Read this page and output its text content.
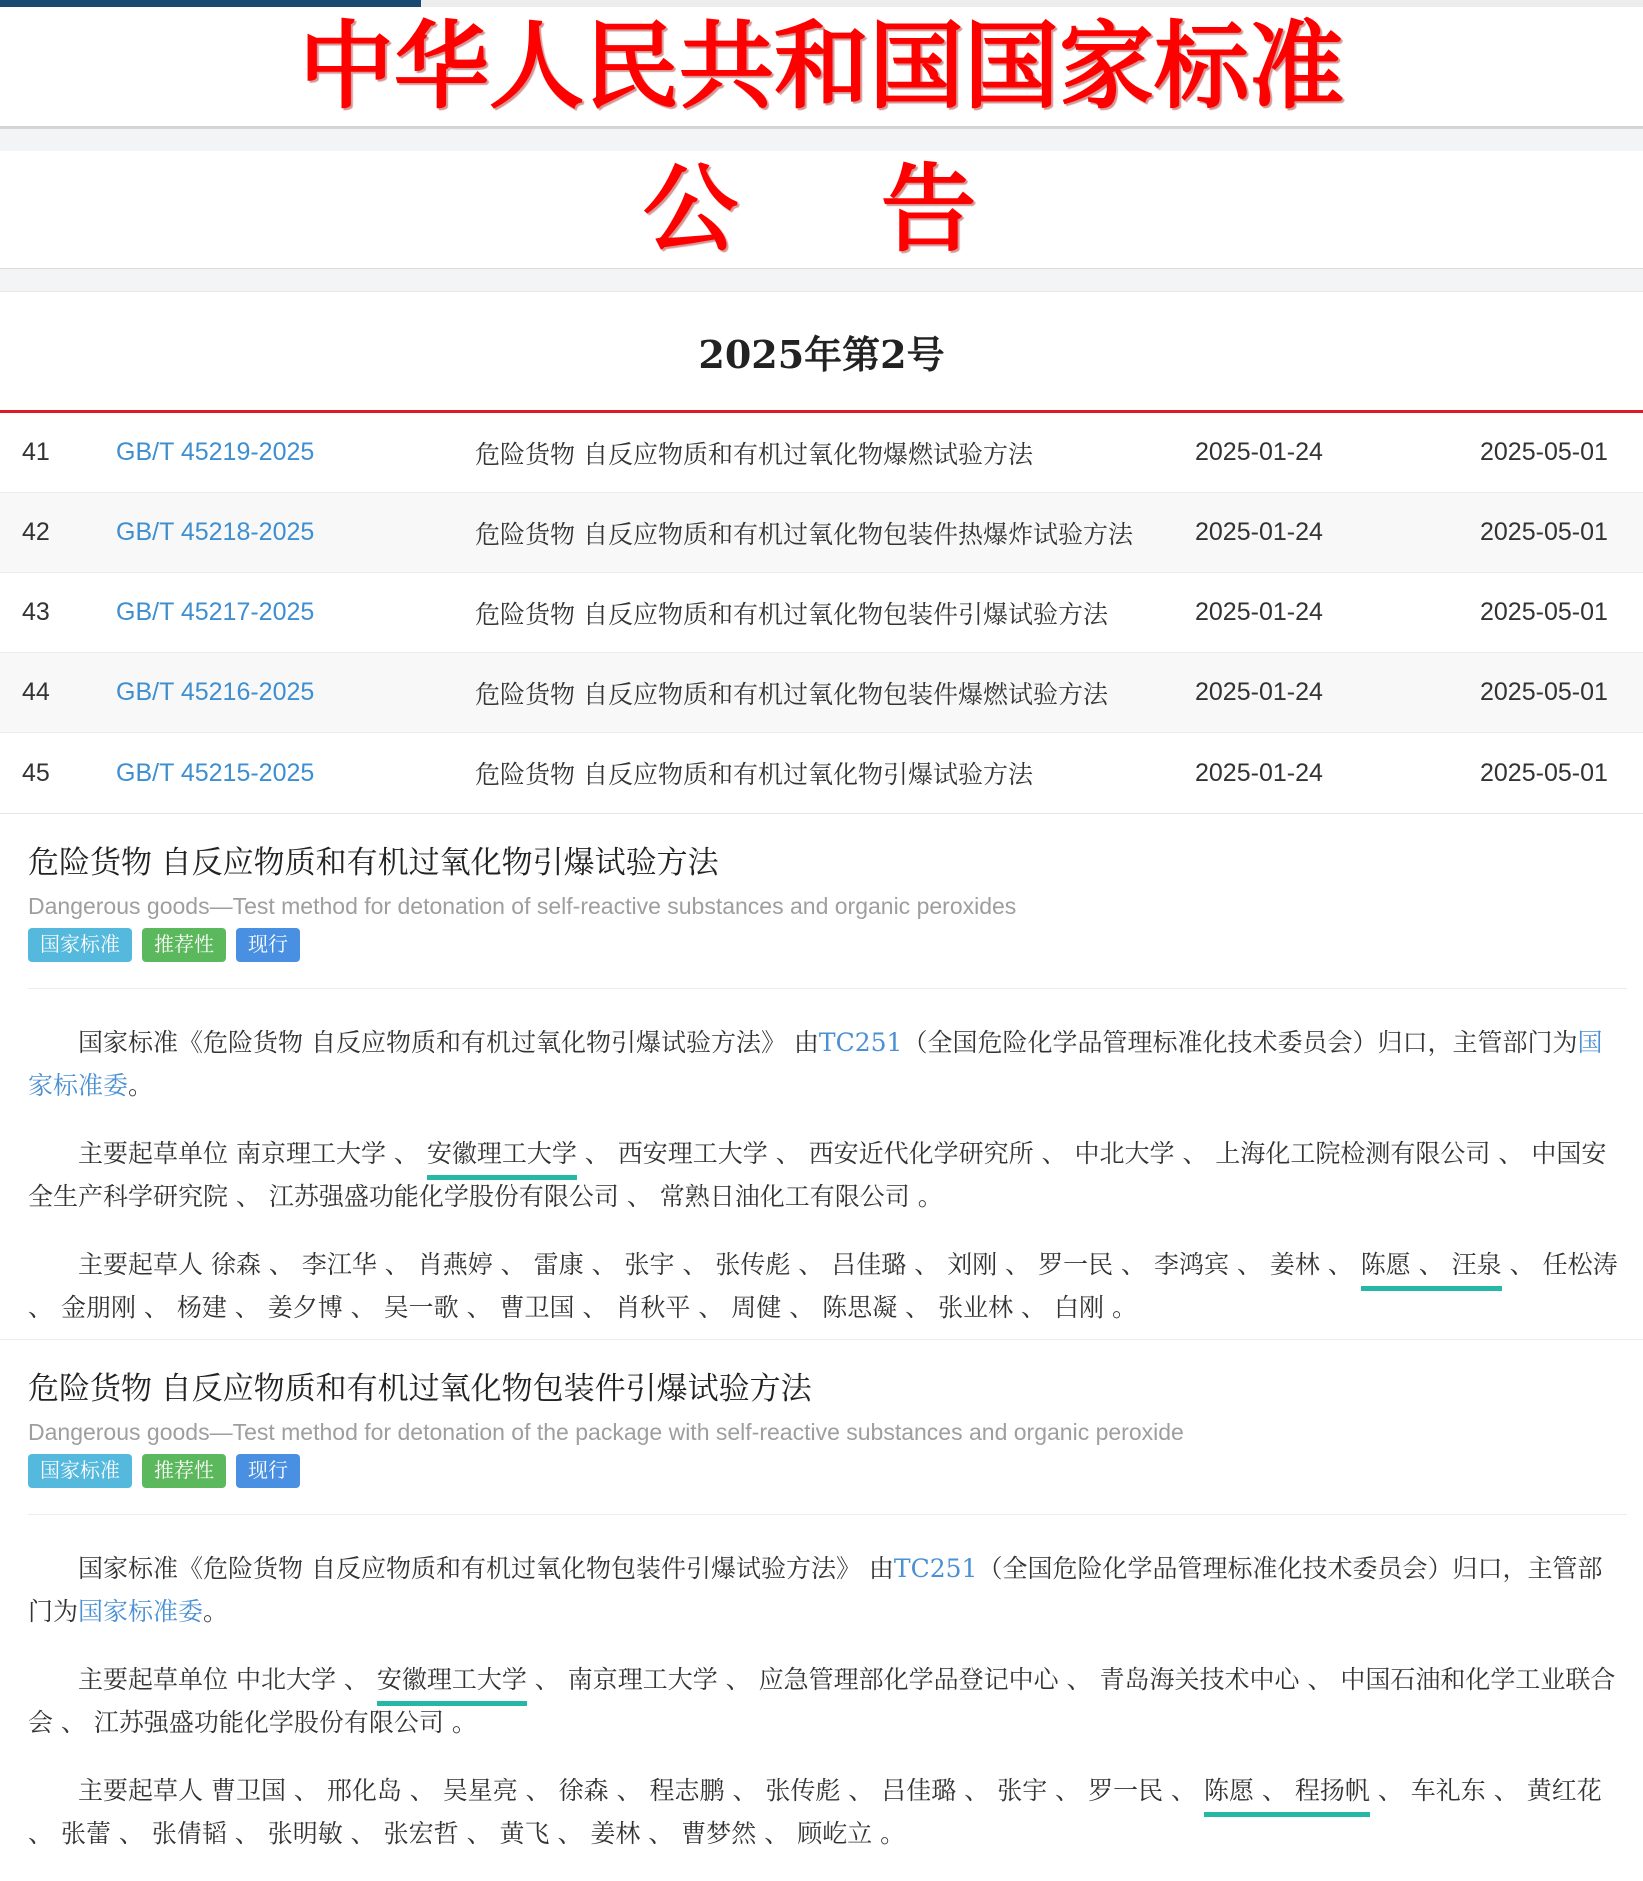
中华人民共和国国家标准
公　告
2025年第2号
41	GB/T 45219-2025	危险货物 自反应物质和有机过氧化物爆燃试验方法	2025-01-24	2025-05-01
42	GB/T 45218-2025	危险货物 自反应物质和有机过氧化物包装件热爆炸试验方法	2025-01-24	2025-05-01
43	GB/T 45217-2025	危险货物 自反应物质和有机过氧化物包装件引爆试验方法	2025-01-24	2025-05-01
44	GB/T 45216-2025	危险货物 自反应物质和有机过氧化物包装件爆燃试验方法	2025-01-24	2025-05-01
45	GB/T 45215-2025	危险货物 自反应物质和有机过氧化物引爆试验方法	2025-01-24	2025-05-01
危险货物 自反应物质和有机过氧化物引爆试验方法
Dangerous goods—Test method for detonation of self-reactive substances and organic peroxides
国家标准	推荐性	现行

国家标准《危险货物 自反应物质和有机过氧化物引爆试验方法》 由TC251（全国危险化学品管理标准化技术委员会）归口，主管部门为国家标准委。

主要起草单位 南京理工大学 、 安徽理工大学 、 西安理工大学 、 西安近代化学研究所 、 中北大学 、 上海化工院检测有限公司 、 中国安全生产科学研究院 、 江苏强盛功能化学股份有限公司 、 常熟日油化工有限公司 。

主要起草人 徐森 、 李江华 、 肖燕婷 、 雷康 、 张宇 、 张传彪 、 吕佳璐 、 刘刚 、 罗一民 、 李鸿宾 、 姜林 、 陈愿 、 汪泉 、 任松涛 、 金朋刚 、 杨建 、 姜夕博 、 吴一歌 、 曹卫国 、 肖秋平 、 周健 、 陈思凝 、 张业林 、 白刚 。

危险货物 自反应物质和有机过氧化物包装件引爆试验方法
Dangerous goods—Test method for detonation of the package with self-reactive substances and organic peroxide
国家标准	推荐性	现行

国家标准《危险货物 自反应物质和有机过氧化物包装件引爆试验方法》 由TC251（全国危险化学品管理标准化技术委员会）归口，主管部门为国家标准委。

主要起草单位 中北大学 、 安徽理工大学 、 南京理工大学 、 应急管理部化学品登记中心 、 青岛海关技术中心 、 中国石油和化学工业联合会 、 江苏强盛功能化学股份有限公司 。

主要起草人 曹卫国 、 邢化岛 、 吴星亮 、 徐森 、 程志鹏 、 张传彪 、 吕佳璐 、 张宇 、 罗一民 、 陈愿 、 程扬帆 、 车礼东 、 黄红花 、 张蕾 、 张倩韬 、 张明敏 、 张宏哲 、 黄飞 、 姜林 、 曹梦然 、 顾屹立 。
